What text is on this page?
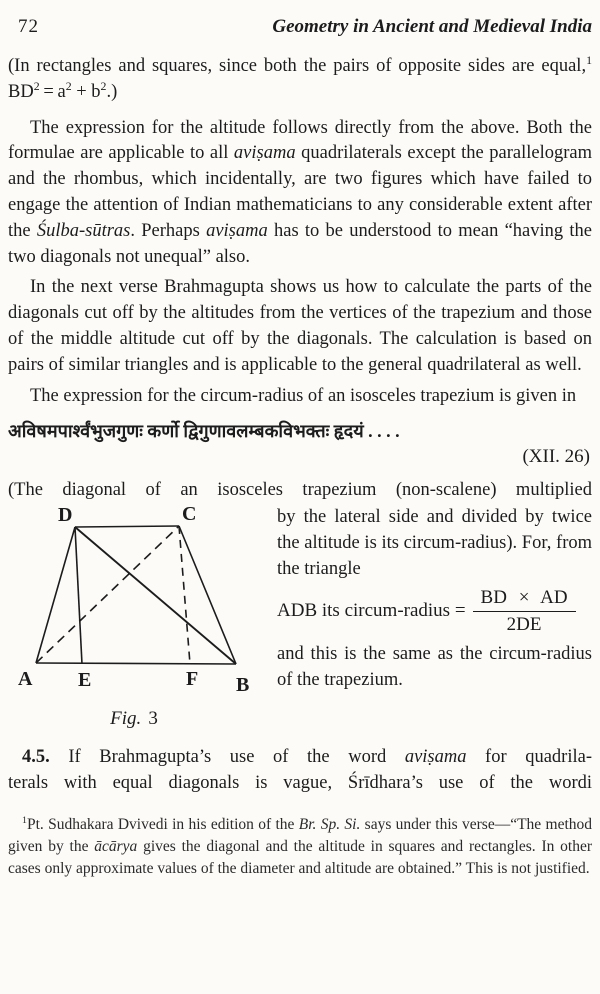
72	Geometry in Ancient and Medieval India

(In rectangles and squares, since both the pairs of opposite sides are equal,$^1$ $BD^2 = a^2 + b^2$.)

The expression for the altitude follows directly from the above. Both the formulae are applicable to all aviṣama quadrilaterals except the parallelogram and the rhombus, which incidentally, are two figures which have failed to engage the attention of Indian mathematicians to any considerable extent after the Śulba-sūtras. Perhaps aviṣama has to be understood to mean “having the two diagonals not unequal” also.

In the next verse Brahmagupta shows us how to calculate the parts of the diagonals cut off by the altitudes from the vertices of the trapezium and those of the middle altitude cut off by the diagonals. The calculation is based on pairs of similar triangles and is applicable to the general quadrilateral as well.

The expression for the circum-radius of an isosceles trapezium is given in

अविषमपार्श्वंभुजगुणः कर्णो द्विगुणावलम्बकविभक्तः हृदयं . . . .

(XII. 26)

(The diagonal of an isosceles trapezium (non-scalene) multiplied

D	C
A E	F B
Fig. 3

by the lateral side and divided by twice the altitude is its circum-radius). For, from the triangle

ADB its circum-radius = $\frac{BD \times AD}{2DE}$

and this is the same as the circum-radius of the trapezium.

4.5. If Brahmagupta’s use of the word aviṣama for quadrila-
terals with equal diagonals is vague, Śrīdhara’s use of the wordi

$^1$Pt. Sudhakara Dvivedi in his edition of the Br. Sp. Si. says under this verse—“The method given by the ācārya gives the diagonal and the altitude in squares and rectangles. In other cases only approximate values of the diameter and altitude are obtained.” This is not justified.
